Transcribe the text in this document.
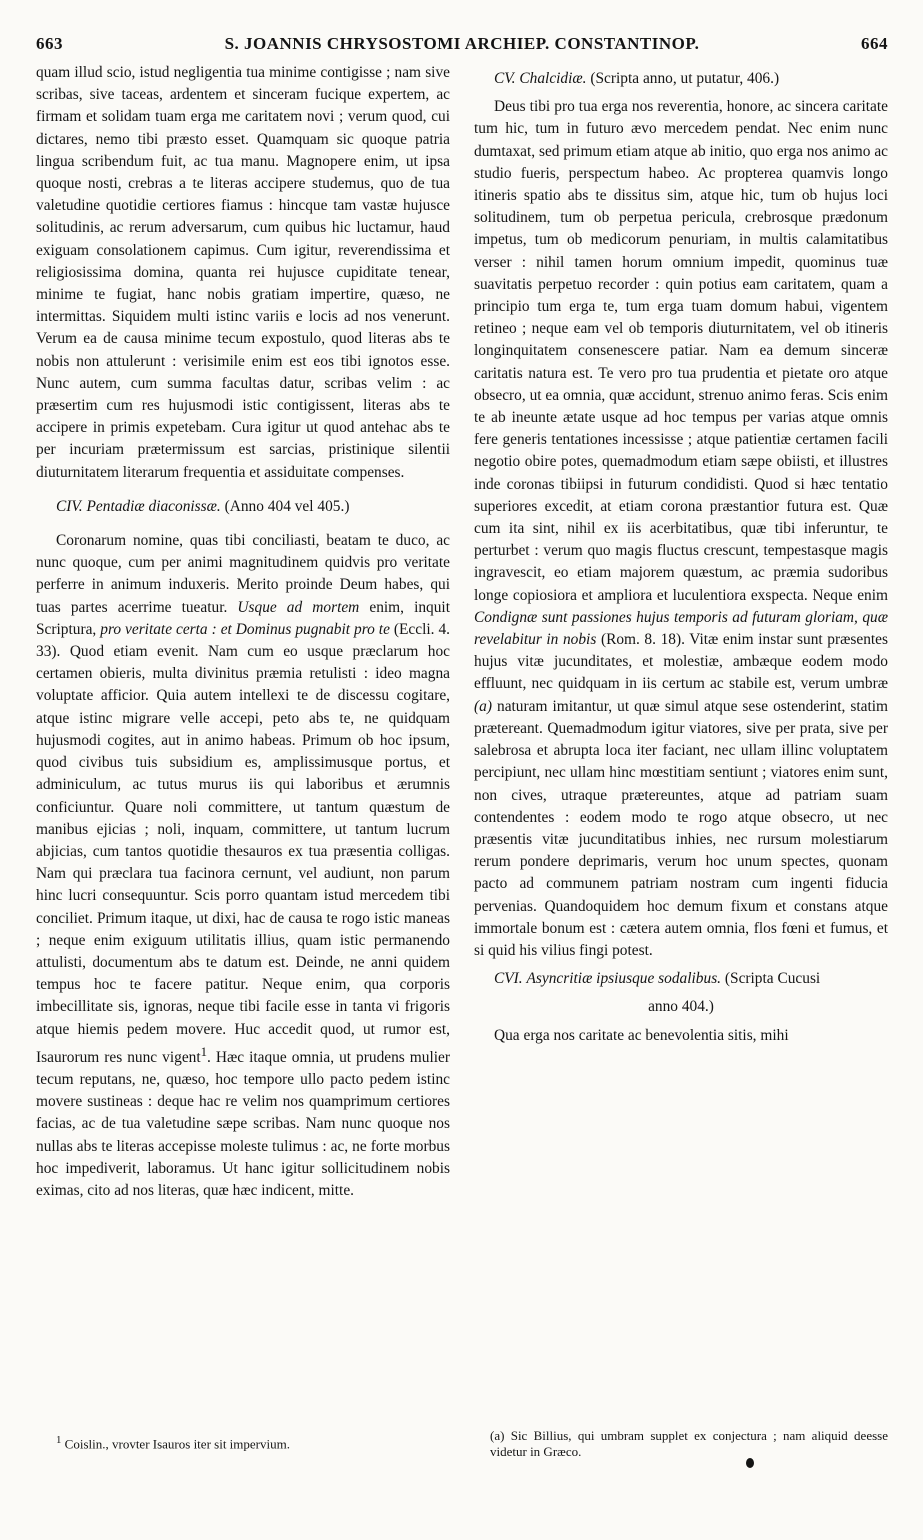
663	S. JOANNIS CHRYSOSTOMI ARCHIEP. CONSTANTINOP.	664

quam illud scio, istud negligentia tua minime contigisse ; nam sive scribas, sive taceas, ardentem et sinceram fucique expertem, ac firmam et solidam tuam erga me caritatem novi ; verum quod, cui dictares, nemo tibi præsto esset. Quamquam sic quoque patria lingua scribendum fuit, ac tua manu. Magnopere enim, ut ipsa quoque nosti, crebras a te literas accipere studemus, quo de tua valetudine quotidie certiores fiamus : hincque tam vastæ hujusce solitudinis, ac rerum adversarum, cum quibus hic luctamur, haud exiguam consolationem capimus. Cum igitur, reverendissima et religiosissima domina, quanta rei hujusce cupiditate tenear, minime te fugiat, hanc nobis gratiam impertire, quæso, ne intermittas. Siquidem multi istinc variis e locis ad nos venerunt. Verum ea de causa minime tecum expostulo, quod literas abs te nobis non attulerunt : verisimile enim est eos tibi ignotos esse. Nunc autem, cum summa facultas datur, scribas velim : ac præsertim cum res hujusmodi istic contigissent, literas abs te accipere in primis expetebam. Cura igitur ut quod antehac abs te per incuriam prætermissum est sarcias, pristinique silentii diuturnitatem literarum frequentia et assiduitate compenses.

CIV. Pentadiæ diaconissæ. (Anno 404 vel 405.)

Coronarum nomine, quas tibi conciliasti, beatam te duco, ac nunc quoque, cum per animi magnitudinem quidvis pro veritate perferre in animum induxeris. Merito proinde Deum habes, qui tuas partes acerrime tueatur. Usque ad mortem enim, inquit Scriptura, pro veritate certa : et Dominus pugnabit pro te (Eccli. 4. 33). Quod etiam evenit. Nam cum eo usque præclarum hoc certamen obieris, multa divinitus præmia retulisti : ideo magna voluptate afficior. Quia autem intellexi te de discessu cogitare, atque istinc migrare velle accepi, peto abs te, ne quidquam hujusmodi cogites, aut in animo habeas. Primum ob hoc ipsum, quod civibus tuis subsidium es, amplissimusque portus, et adminiculum, ac tutus murus iis qui laboribus et ærumnis conficiuntur. Quare noli committere, ut tantum quæstum de manibus ejicias ; noli, inquam, committere, ut tantum lucrum abjicias, cum tantos quotidie thesauros ex tua præsentia colligas. Nam qui præclara tua facinora cernunt, vel audiunt, non parum hinc lucri consequuntur. Scis porro quantam istud mercedem tibi conciliet. Primum itaque, ut dixi, hac de causa te rogo istic maneas ; neque enim exiguum utilitatis illius, quam istic permanendo attulisti, documentum abs te datum est. Deinde, ne anni quidem tempus hoc te facere patitur. Neque enim, qua corporis imbecillitate sis, ignoras, neque tibi facile esse in tanta vi frigoris atque hiemis pedem movere. Huc accedit quod, ut rumor est, Isaurorum res nunc vigent$^1$. Hæc itaque omnia, ut prudens mulier tecum reputans, ne, quæso, hoc tempore ullo pacto pedem istinc movere sustineas : deque hac re velim nos quamprimum certiores facias, ac de tua valetudine sæpe scribas. Nam nunc quoque nos nullas abs te literas accepisse moleste tulimus : ac, ne forte morbus hoc impediverit, laboramus. Ut hanc igitur sollicitudinem nobis eximas, cito ad nos literas, quæ hæc indicent, mitte.

$^1$ Coislin., vrovter Isauros iter sit impervium.
(a) Sic Billius, qui umbram supplet ex conjectura ; nam aliquid deesse videtur in Græco.
CV. Chalcidiæ. (Scripta anno, ut putatur, 406.)

Deus tibi pro tua erga nos reverentia, honore, ac sincera caritate tum hic, tum in futuro ævo mercedem pendat. Nec enim nunc dumtaxat, sed primum etiam atque ab initio, quo erga nos animo ac studio fueris, perspectum habeo. Ac propterea quamvis longo itineris spatio abs te dissitus sim, atque hic, tum ob hujus loci solitudinem, tum ob perpetua pericula, crebrosque prædonum impetus, tum ob medicorum penuriam, in multis calamitatibus verser : nihil tamen horum omnium impedit, quominus tuæ suavitatis perpetuo recorder : quin potius eam caritatem, quam a principio tum erga te, tum erga tuam domum habui, vigentem retineo ; neque eam vel ob temporis diuturnitatem, vel ob itineris longinquitatem consenescere patiar. Nam ea demum sinceræ caritatis natura est. Te vero pro tua prudentia et pietate oro atque obsecro, ut ea omnia, quæ accidunt, strenuo animo feras. Scis enim te ab ineunte ætate usque ad hoc tempus per varias atque omnis fere generis tentationes incessisse ; atque patientiæ certamen facili negotio obire potes, quemadmodum etiam sæpe obiisti, et illustres inde coronas tibiipsi in futurum condidisti. Quod si hæc tentatio superiores excedit, at etiam corona præstantior futura est. Quæ cum ita sint, nihil ex iis acerbitatibus, quæ tibi inferuntur, te perturbet : verum quo magis fluctus crescunt, tempestasque magis ingravescit, eo etiam majorem quæstum, ac præmia sudoribus longe copiosiora et ampliora et luculentiora exspecta. Neque enim Condignæ sunt passiones hujus temporis ad futuram gloriam, quæ revelabitur in nobis (Rom. 8. 18). Vitæ enim instar sunt præsentes hujus vitæ jucunditates, et molestiæ, ambæque eodem modo effluunt, nec quidquam in iis certum ac stabile est, verum umbræ (a) naturam imitantur, ut quæ simul atque sese ostenderint, statim prætereant. Quemadmodum igitur viatores, sive per prata, sive per salebrosa et abrupta loca iter faciant, nec ullam illinc voluptatem percipiunt, nec ullam hinc mœstitiam sentiunt ; viatores enim sunt, non cives, utraque prætereuntes, atque ad patriam suam contendentes : eodem modo te rogo atque obsecro, ut nec præsentis vitæ jucunditatibus inhies, nec rursum molestiarum rerum pondere deprimaris, verum hoc unum spectes, quonam pacto ad communem patriam nostram cum ingenti fiducia pervenias. Quandoquidem hoc demum fixum et constans atque immortale bonum est : cætera autem omnia, flos fœni et fumus, et si quid his vilius fingi potest.

CVI. Asyncritiæ ipsiusque sodalibus. (Scripta Cucusi
anno 404.)

Qua erga nos caritate ac benevolentia sitis, mihi
